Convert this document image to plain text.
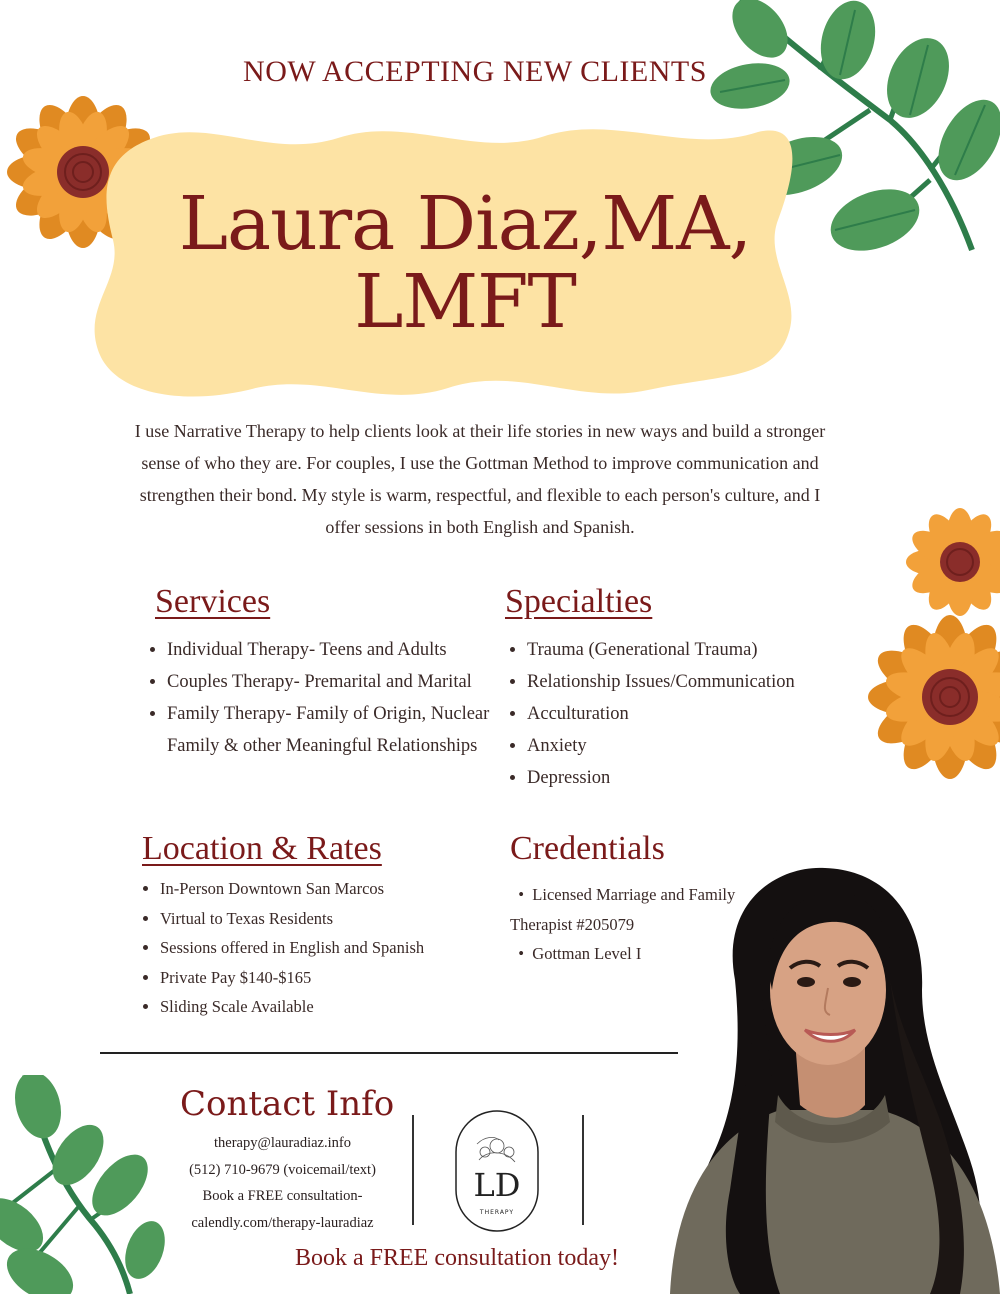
NOW ACCEPTING NEW CLIENTS
Laura Diaz,MA,
LMFT
I use Narrative Therapy to help clients look at their life stories in new ways and build a stronger sense of who they are. For couples, I use the Gottman Method to improve communication and strengthen their bond. My style is warm, respectful, and flexible to each person's culture, and I offer sessions in both English and Spanish.
Services
• Individual Therapy- Teens and Adults
• Couples Therapy- Premarital and Marital
• Family Therapy- Family of Origin, Nuclear Family & other Meaningful Relationships
Specialties
• Trauma (Generational Trauma)
• Relationship Issues/Communication
• Acculturation
• Anxiety
• Depression
Location & Rates
• In-Person Downtown San Marcos
• Virtual to Texas Residents
• Sessions offered in English and Spanish
• Private Pay $140-$165
• Sliding Scale Available
Credentials
•  Licensed Marriage and Family Therapist #205079
•  Gottman Level I
Contact Info
therapy@lauradiaz.info
(512) 710-9679 (voicemail/text)
Book a FREE consultation-
calendly.com/therapy-lauradiaz
LD
THERAPY
Book a FREE consultation today!
